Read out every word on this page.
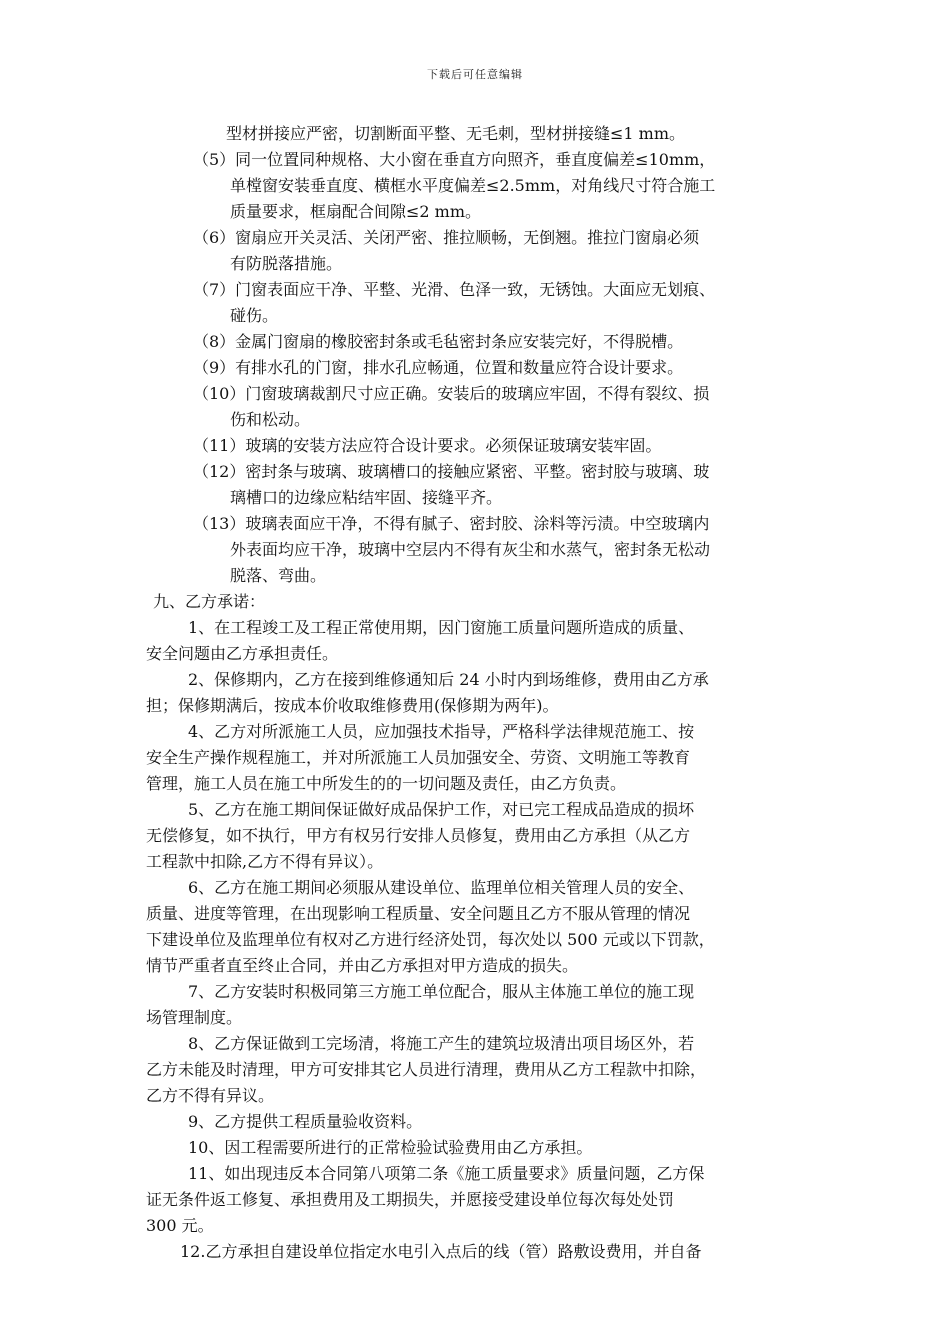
下载后可任意编辑
型材拼接应严密，切割断面平整、无毛刺，型材拼接缝≤1 mm。
（5）同一位置同种规格、大小窗在垂直方向照齐，垂直度偏差≤10mm，
单樘窗安装垂直度、横框水平度偏差≤2.5mm，对角线尺寸符合施工
质量要求，框扇配合间隙≤2 mm。
（6）窗扇应开关灵活、关闭严密、推拉顺畅，无倒翘。推拉门窗扇必须
有防脱落措施。
（7）门窗表面应干净、平整、光滑、色泽一致，无锈蚀。大面应无划痕、
碰伤。
（8）金属门窗扇的橡胶密封条或毛毡密封条应安装完好，不得脱槽。
（9）有排水孔的门窗，排水孔应畅通，位置和数量应符合设计要求。
（10）门窗玻璃裁割尺寸应正确。安装后的玻璃应牢固，不得有裂纹、损
伤和松动。
（11）玻璃的安装方法应符合设计要求。必须保证玻璃安装牢固。
（12）密封条与玻璃、玻璃槽口的接触应紧密、平整。密封胶与玻璃、玻
璃槽口的边缘应粘结牢固、接缝平齐。
（13）玻璃表面应干净，不得有腻子、密封胶、涂料等污渍。中空玻璃内
外表面均应干净，玻璃中空层内不得有灰尘和水蒸气，密封条无松动
脱落、弯曲。
九、乙方承诺：
1、在工程竣工及工程正常使用期，因门窗施工质量问题所造成的质量、
安全问题由乙方承担责任。
2、保修期内，乙方在接到维修通知后 24 小时内到场维修，费用由乙方承
担；保修期满后，按成本价收取维修费用(保修期为两年)。
4、乙方对所派施工人员，应加强技术指导，严格科学法律规范施工、按
安全生产操作规程施工，并对所派施工人员加强安全、劳资、文明施工等教育
管理，施工人员在施工中所发生的的一切问题及责任，由乙方负责。
5、乙方在施工期间保证做好成品保护工作，对已完工程成品造成的损坏
无偿修复，如不执行，甲方有权另行安排人员修复，费用由乙方承担（从乙方
工程款中扣除,乙方不得有异议）。
6、乙方在施工期间必须服从建设单位、监理单位相关管理人员的安全、
质量、进度等管理，在出现影响工程质量、安全问题且乙方不服从管理的情况
下建设单位及监理单位有权对乙方进行经济处罚，每次处以 500 元或以下罚款，
情节严重者直至终止合同，并由乙方承担对甲方造成的损失。
7、乙方安装时积极同第三方施工单位配合，服从主体施工单位的施工现
场管理制度。
8、乙方保证做到工完场清，将施工产生的建筑垃圾清出项目场区外，若
乙方未能及时清理，甲方可安排其它人员进行清理，费用从乙方工程款中扣除，
乙方不得有异议。
9、乙方提供工程质量验收资料。
10、因工程需要所进行的正常检验试验费用由乙方承担。
11、如出现违反本合同第八项第二条《施工质量要求》质量问题，乙方保
证无条件返工修复、承担费用及工期损失，并愿接受建设单位每次每处处罚
300 元。
12.乙方承担自建设单位指定水电引入点后的线（管）路敷设费用，并自备
